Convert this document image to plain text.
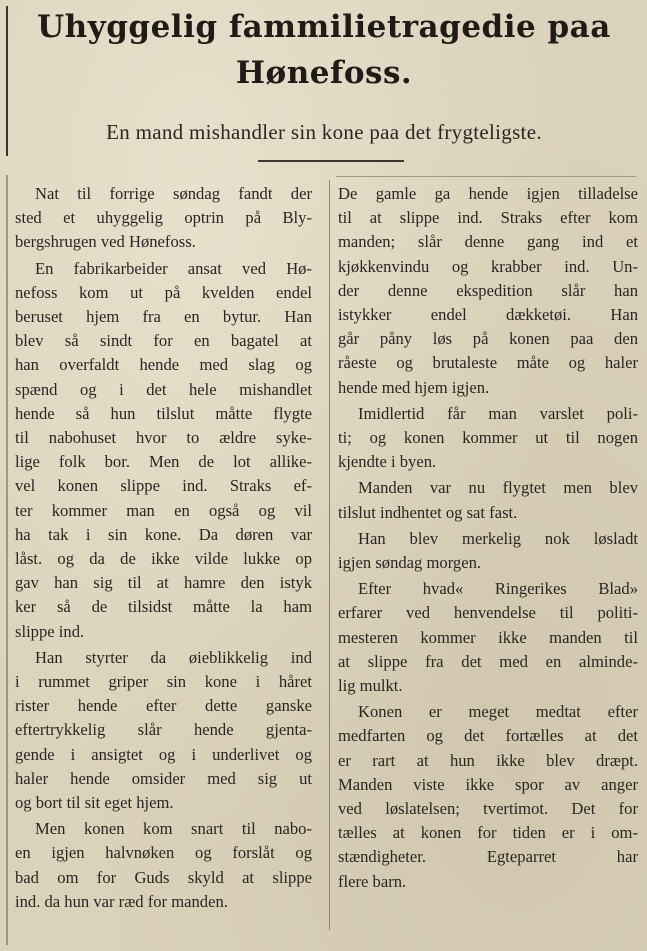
Uhyggelig fammilietragedie paa
Hønefoss.
En mand mishandler sin kone paa det frygteligste.

Nat til forrige søndag fandt der
sted et uhyggelig optrin på Bly-
bergshrugen ved Hønefoss.

En fabrikarbeider ansat ved Hø-
nefoss kom ut på kvelden endel
beruset hjem fra en bytur. Han
blev så sindt for en bagatel at
han overfaldt hende med slag og
spænd og i det hele mishandlet
hende så hun tilslut måtte flygte
til nabohuset hvor to ældre syke-
lige folk bor. Men de lot allike-
vel konen slippe ind. Straks ef-
ter kommer man en også og vil
ha tak i sin kone. Da døren var
låst. og da de ikke vilde lukke op
gav han sig til at hamre den istyk
ker så de tilsidst måtte la ham
slippe ind.

Han styrter da øieblikkelig ind
i rummet griper sin kone i håret
rister hende efter dette ganske
eftertrykkelig slår hende gjenta-
gende i ansigtet og i underlivet og
haler hende omsider med sig ut
og bort til sit eget hjem.

Men konen kom snart til nabo-
en igjen halvnøken og forslåt og
bad om for Guds skyld at slippe
ind. da hun var ræd for manden.

De gamle ga hende igjen tilladelse
til at slippe ind. Straks efter kom
manden; slår denne gang ind et
kjøkkenvindu og krabber ind. Un-
der denne ekspedition slår han
istykker endel dækketøi. Han
går påny løs på konen paa den
råeste og brutaleste måte og haler
hende med hjem igjen.

Imidlertid får man varslet poli-
ti; og konen kommer ut til nogen
kjendte i byen.

Manden var nu flygtet men blev
tilslut indhentet og sat fast.

Han blev merkelig nok løsladt
igjen søndag morgen.

Efter hvad« Ringerikes Blad»
erfarer ved henvendelse til politi-
mesteren kommer ikke manden til
at slippe fra det med en alminde-
lig mulkt.

Konen er meget medtat efter
medfarten og det fortælles at det
er rart at hun ikke blev dræpt.
Manden viste ikke spor av anger
ved løslatelsen; tvertimot. Det for
tælles at konen for tiden er i om-
stændigheter. Egteparret har
flere barn.
